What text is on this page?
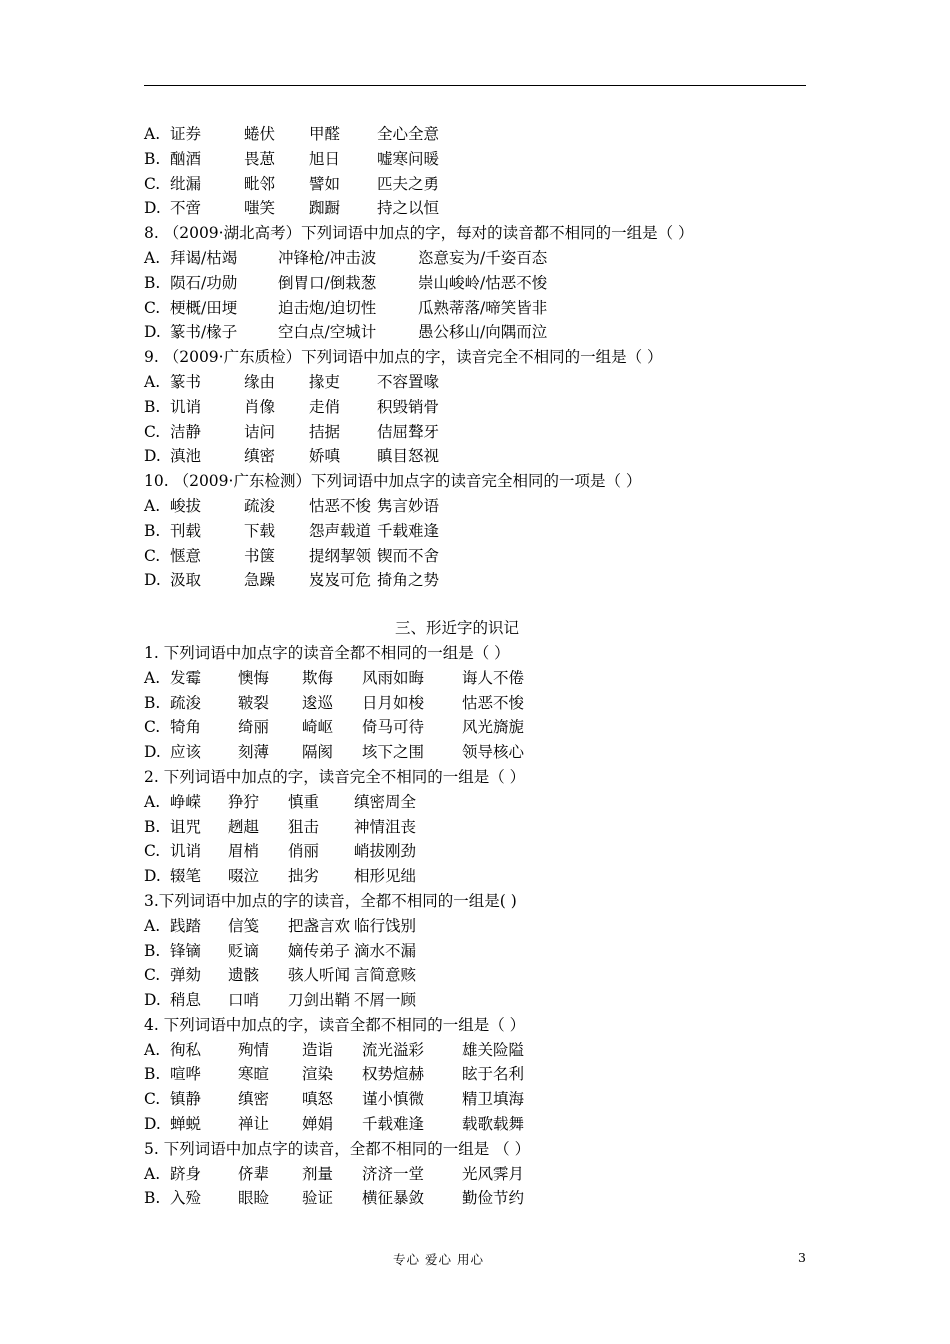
A. 证券	蜷伏 甲醛 全心全意
B. 酗酒	畏葸 旭日 嘘寒问暖
C. 纰漏	毗邻 譬如 匹夫之勇
D. 不啻	嗤笑 踟蹰 持之以恒
8. （2009·湖北高考）下列词语中加点的字，每对的读音都不相同的一组是（ ）
A. 拜谒/枯竭	冲锋枪/冲击波	恣意妄为/千姿百态
B. 陨石/功勋	倒胃口/倒栽葱	崇山峻岭/怙恶不悛
C. 梗概/田埂	迫击炮/迫切性	瓜熟蒂落/啼笑皆非
D. 篆书/椽子	空白点/空城计	愚公移山/向隅而泣
9. （2009·广东质检）下列词语中加点的字，读音完全不相同的一组是（ ）
A. 篆书	缘由 掾吏 不容置喙
B. 讥诮	肖像 走俏 积毁销骨
C. 洁静	诘问 拮据 佶屈聱牙
D. 滇池	缜密 娇嗔 瞋目怒视
10. （2009·广东检测）下列词语中加点字的读音完全相同的一项是（ ）
A. 峻拔	疏浚 怙恶不悛 隽言妙语
B. 刊载	下载 怨声载道 千载难逢
C. 惬意	书箧 提纲挈领 锲而不舍
D. 汲取	急躁 岌岌可危 掎角之势
三、形近字的识记
1. 下列词语中加点字的读音全都不相同的一组是（ ）
A. 发霉 懊悔 欺侮 风雨如晦 诲人不倦
B. 疏浚 皲裂 逡巡 日月如梭 怙恶不悛
C. 犄角 绮丽 崎岖 倚马可待 风光旖旎
D. 应该 刻薄 隔阂 垓下之围 领导核心
2. 下列词语中加点的字，读音完全不相同的一组是（ ）
A. 峥嵘 狰狞 慎重 缜密周全
B. 诅咒 趔趄 狙击 神情沮丧
C. 讥诮 眉梢 俏丽 峭拔刚劲
D. 辍笔 啜泣 拙劣 相形见绌
3.下列词语中加点的字的读音，全都不相同的一组是( )
A. 践踏 信笺 把盏言欢 临行饯别
B. 锋镝 贬谪 嫡传弟子 滴水不漏
C. 弹劾 遗骸 骇人听闻 言简意赅
D. 稍息 口哨 刀剑出鞘 不屑一顾
4. 下列词语中加点的字，读音全都不相同的一组是（ ）
A. 徇私 殉情 造诣 流光溢彩 雄关险隘
B. 喧哗 寒暄 渲染 权势煊赫 眩于名利
C. 镇静 缜密 嗔怒 谨小慎微 精卫填海
D. 蝉蜕 禅让 婵娟 千载难逢 载歌载舞
5. 下列词语中加点字的读音，全都不相同的一组是 （ ）
A. 跻身 侪辈 剂量 济济一堂 光风霁月
B. 入殓 眼睑 验证 横征暴敛 勤俭节约
专心 爱心 用心	3
